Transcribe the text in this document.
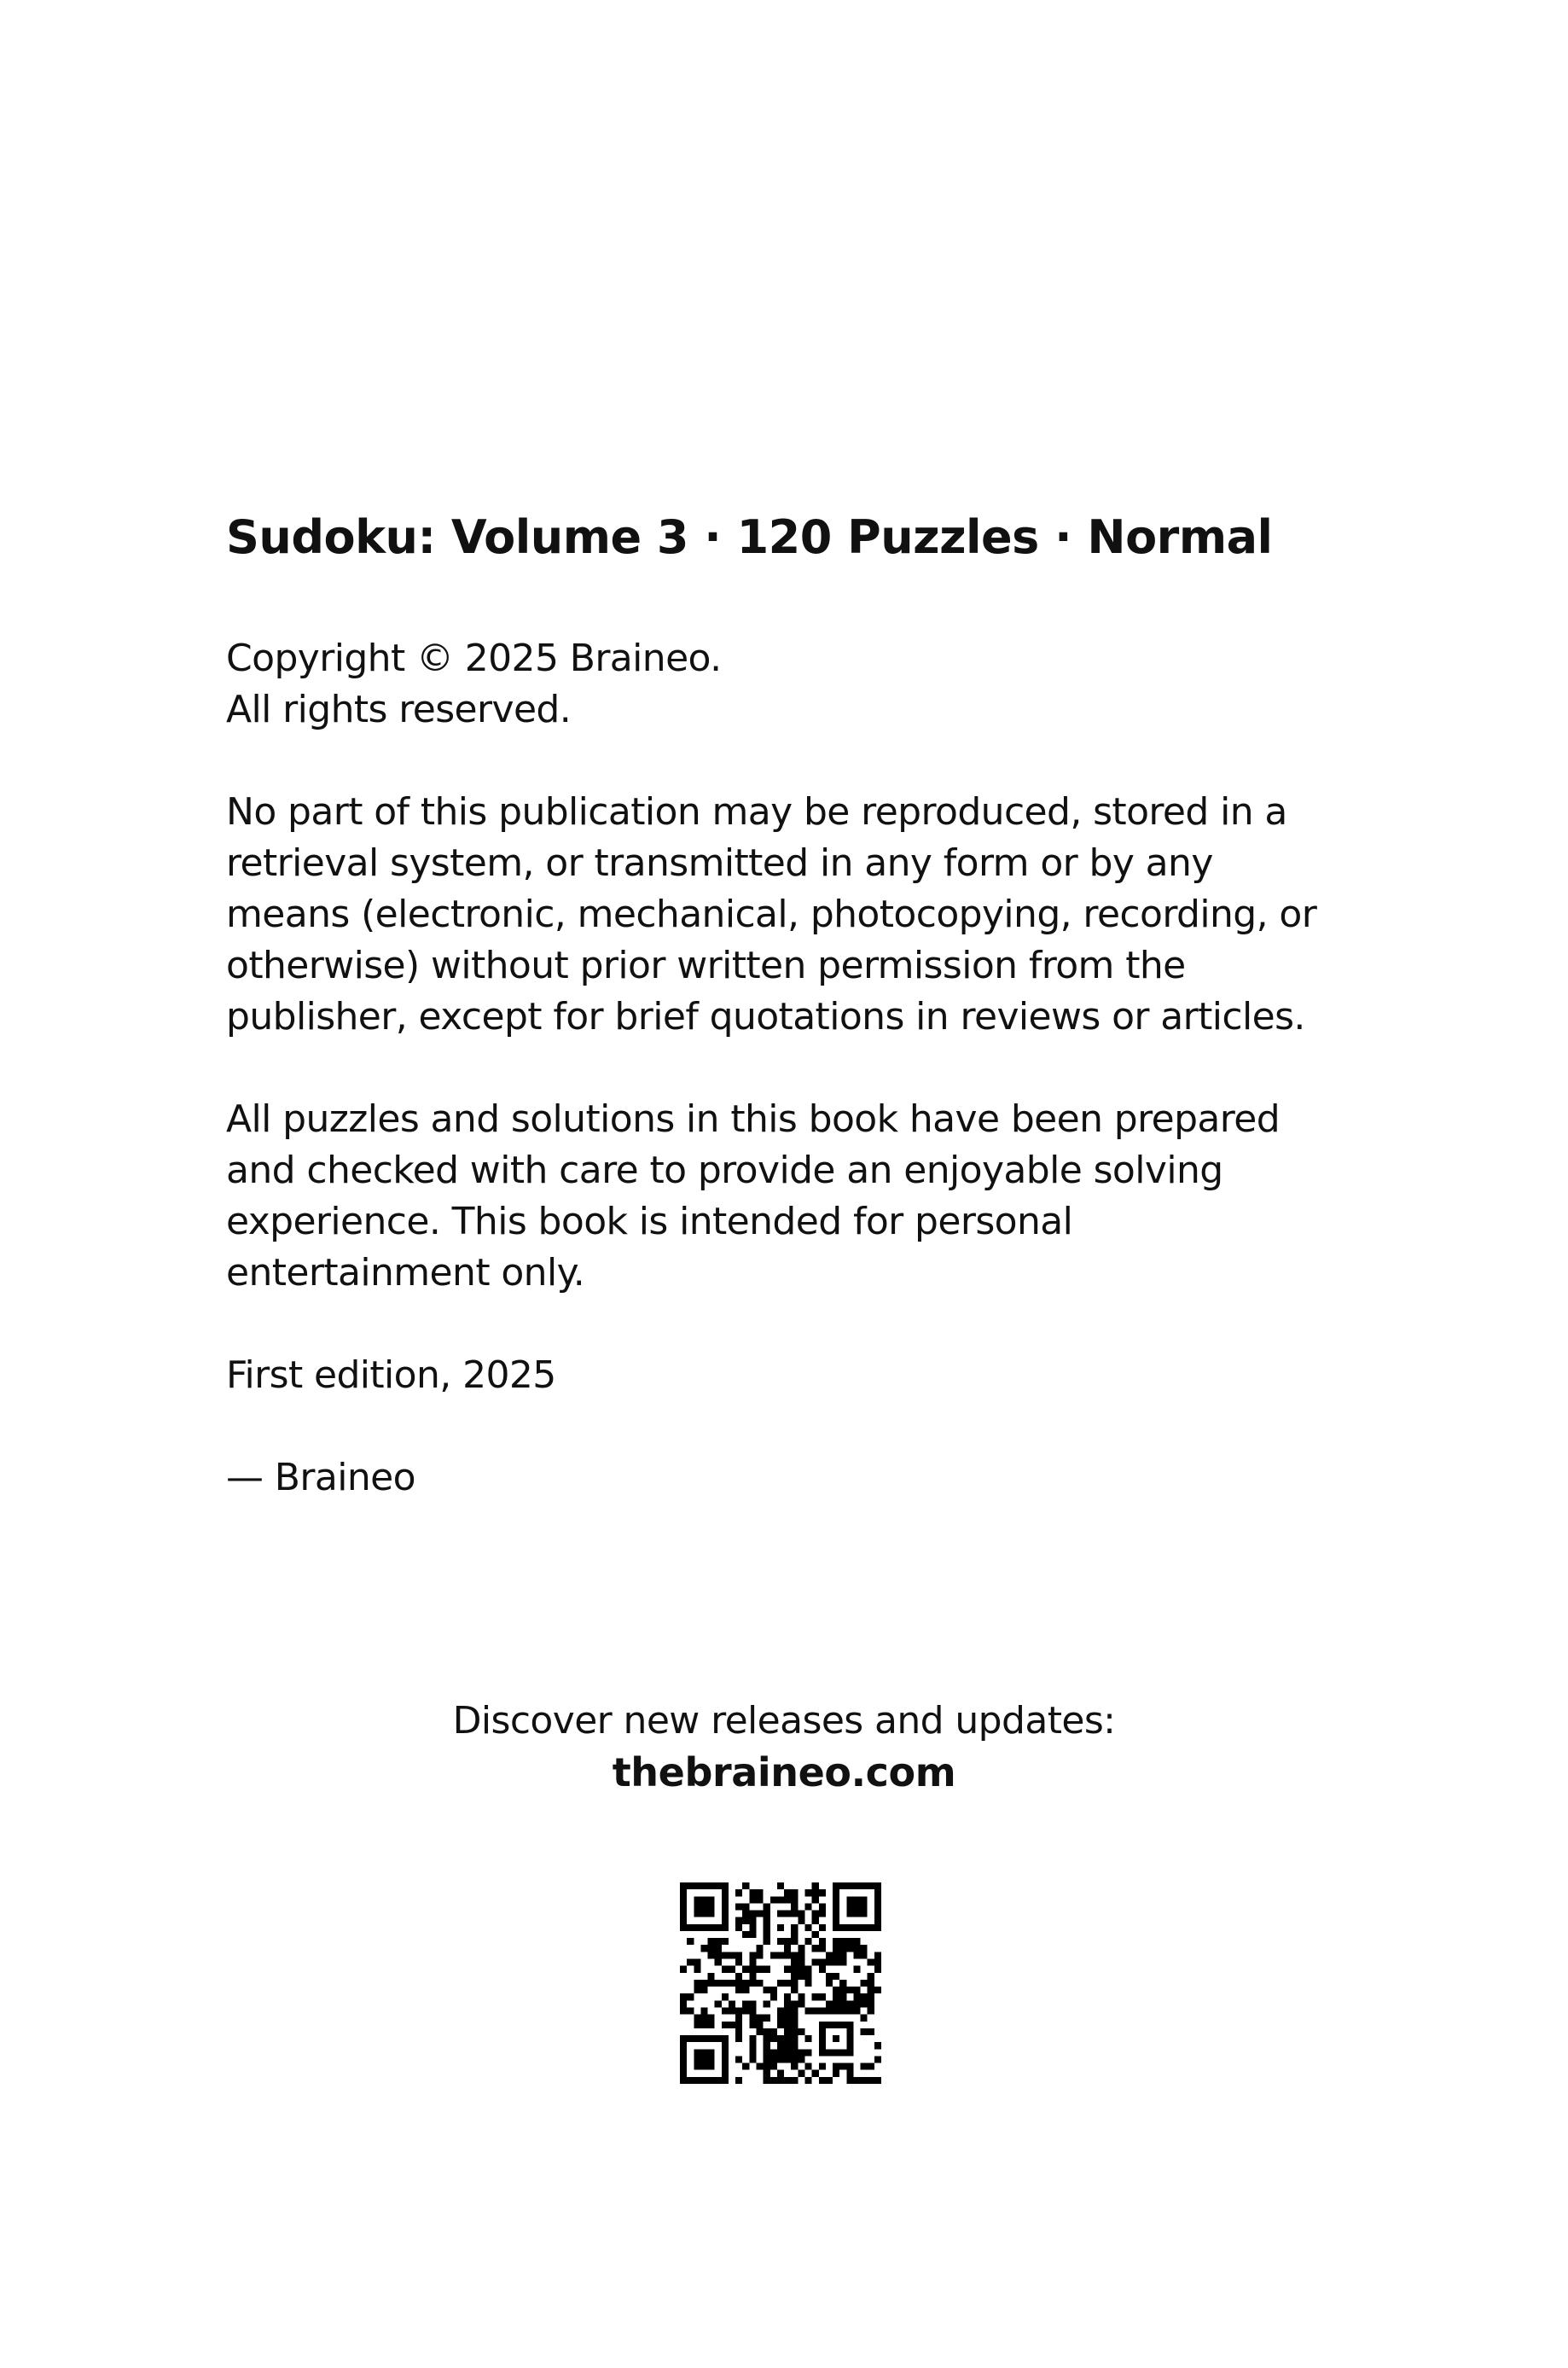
Sudoku: Volume 3 · 120 Puzzles · Normal

Copyright © 2025 Braineo.
All rights reserved.

No part of this publication may be reproduced, stored in a
retrieval system, or transmitted in any form or by any
means (electronic, mechanical, photocopying, recording, or
otherwise) without prior written permission from the
publisher, except for brief quotations in reviews or articles.

All puzzles and solutions in this book have been prepared
and checked with care to provide an enjoyable solving
experience. This book is intended for personal
entertainment only.

First edition, 2025

— Braineo

Discover new releases and updates:
thebraineo.com
